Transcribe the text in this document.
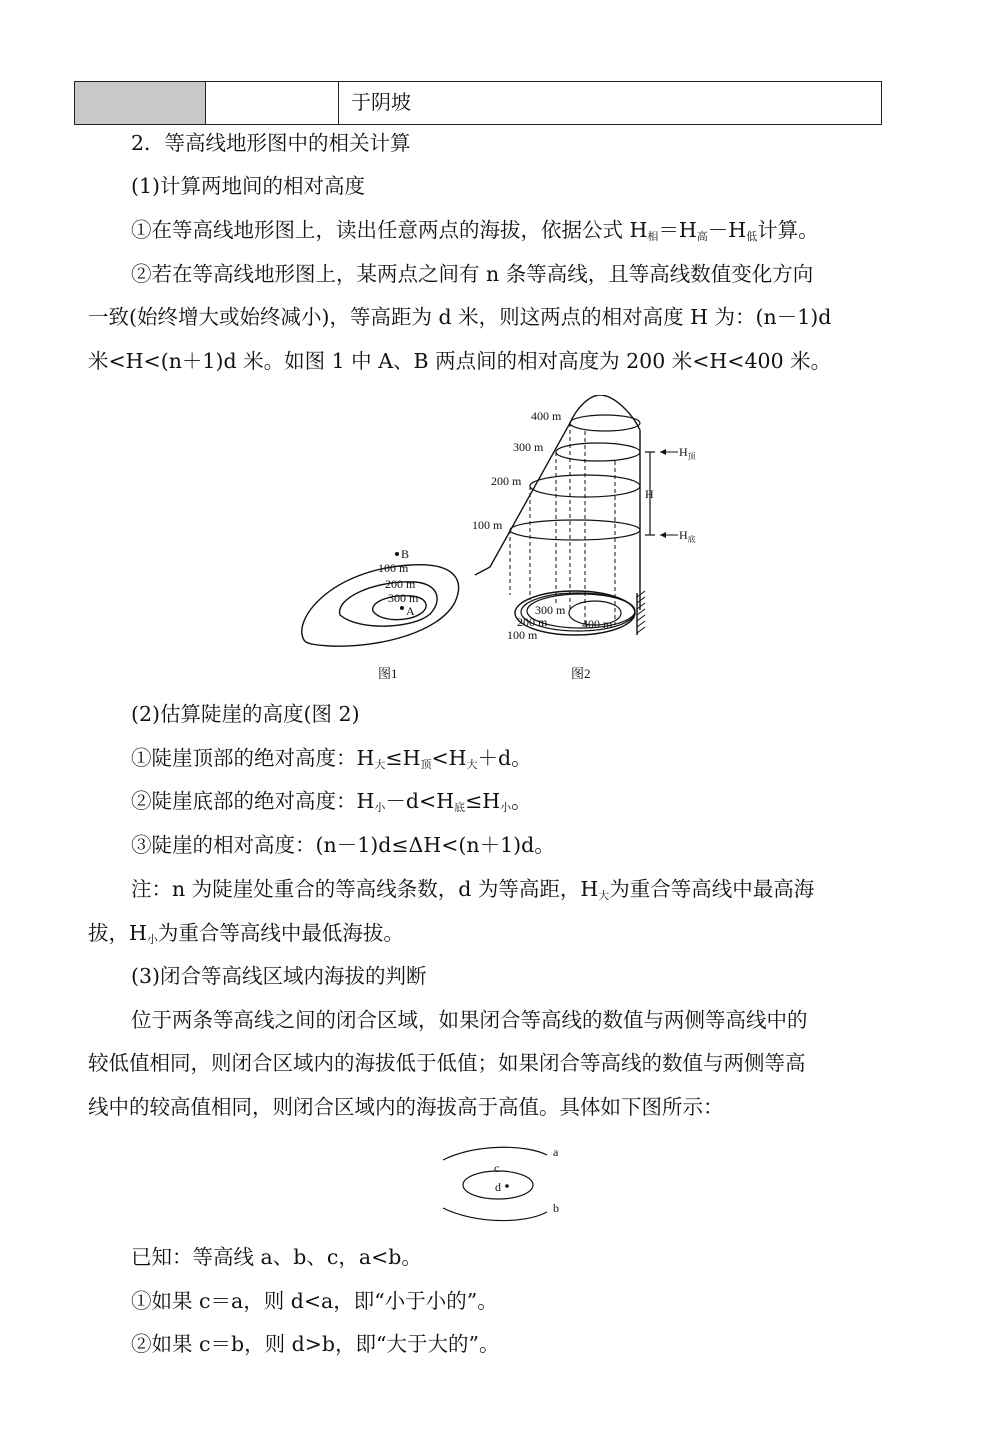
于阴坡
2．等高线地形图中的相关计算
(1)计算两地间的相对高度
①在等高线地形图上，读出任意两点的海拔，依据公式 H相＝H高－H低计算。
②若在等高线地形图上，某两点之间有 n 条等高线，且等高线数值变化方向
一致(始终增大或始终减小)，等高距为 d 米，则这两点的相对高度 H 为：(n－1)d
米<H<(n＋1)d 米。如图 1 中 A、B 两点间的相对高度为 200 米<H<400 米。
B
100 m
200 m
300 m
A
图1
400 m
300 m
200 m
100 m
$H_顶$
H
$H_底$
300 m
200 m
100 m
400 m
图2
(2)估算陡崖的高度(图 2)
①陡崖顶部的绝对高度：H大≤H顶<H大＋d。
②陡崖底部的绝对高度：H小－d<H底≤H小。
③陡崖的相对高度：(n－1)d≤ΔH<(n＋1)d。
注：n 为陡崖处重合的等高线条数，d 为等高距，H大为重合等高线中最高海
拔，H小为重合等高线中最低海拔。
(3)闭合等高线区域内海拔的判断
位于两条等高线之间的闭合区域，如果闭合等高线的数值与两侧等高线中的
较低值相同，则闭合区域内的海拔低于低值；如果闭合等高线的数值与两侧等高
线中的较高值相同，则闭合区域内的海拔高于高值。具体如下图所示：
a
c
d
b
已知：等高线 a、b、c，a<b。
①如果 c＝a，则 d<a，即“小于小的”。
②如果 c＝b，则 d>b，即“大于大的”。
